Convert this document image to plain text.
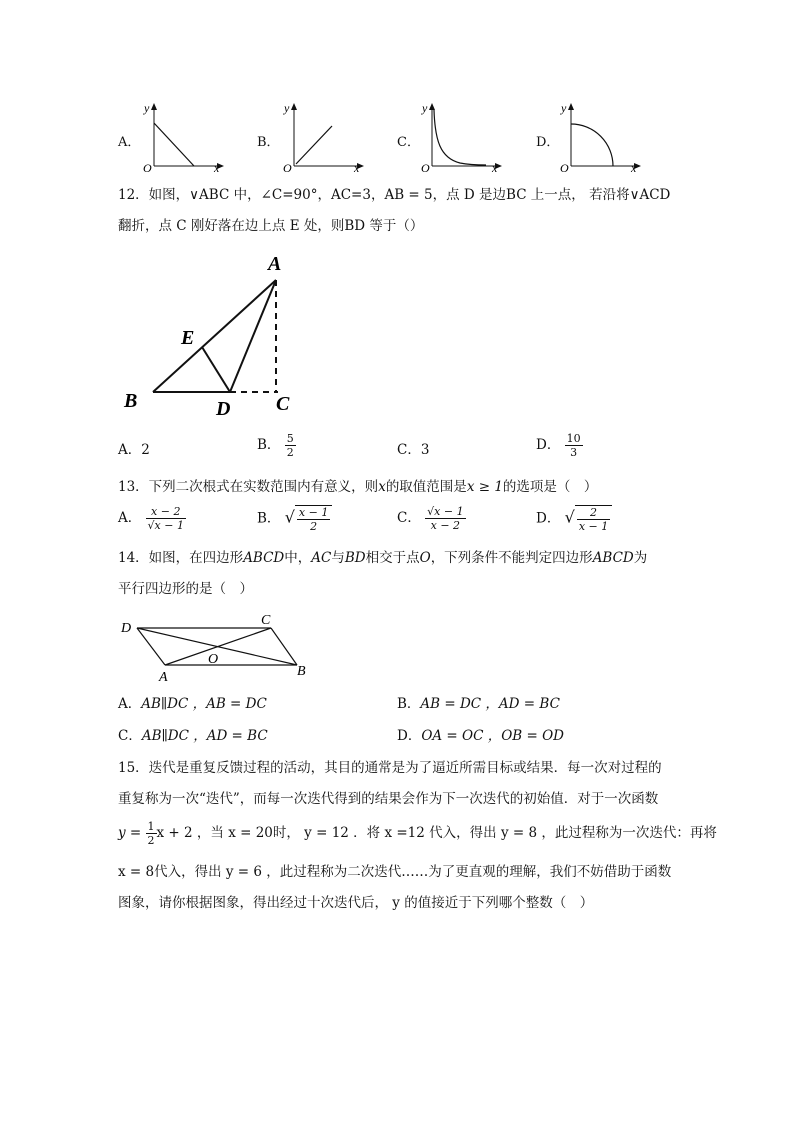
A．
y
x
O
B．
y
x
O
C．
y
x
O
D．
y
x
O
12．如图，∨ABC 中，∠C=90°，AC=3，AB = 5，点 D 是边BC 上一点， 若沿将∨ACD
翻折，点 C 刚好落在边上点 E 处，则BD 等于（）
A
E
B	D C
A．2	B． $\frac{5}{2}$	C．3	D． $\frac{10}{3}$
13．下列二次根式在实数范围内有意义，则x的取值范围是x ≥ 1的选项是（　）
A． $\frac{x - 2}{√x - 1}$	B． √ $\frac{x - 1}{2}$	C． $\frac{√x - 1}{x - 2}$	D． √ $\frac{2}{x - 1}$
14．如图，在四边形ABCD中，AC与BD相交于点O，下列条件不能判定四边形ABCD为
平行四边形的是（　）
D
C
O
A	B
A．AB∥DC ，AB = DC	B．AB = DC ，AD = BC
C．AB∥DC ，AD = BC	D．OA = OC ，OB = OD
15．迭代是重复反馈过程的活动，其目的通常是为了逼近所需目标或结果．每一次对过程的
重复称为一次“迭代”，而每一次迭代得到的结果会作为下一次迭代的初始值．对于一次函数
$y = \frac{1}{2}$ x + 2 ，当 x = 20时， y = 12 ．将 x =12 代入，得出 y = 8 ，此过程称为一次迭代：再将
x = 8代入，得出 y = 6 ，此过程称为二次迭代……为了更直观的理解，我们不妨借助于函数
图象，请你根据图象，得出经过十次迭代后， y 的值接近于下列哪个整数（　）
